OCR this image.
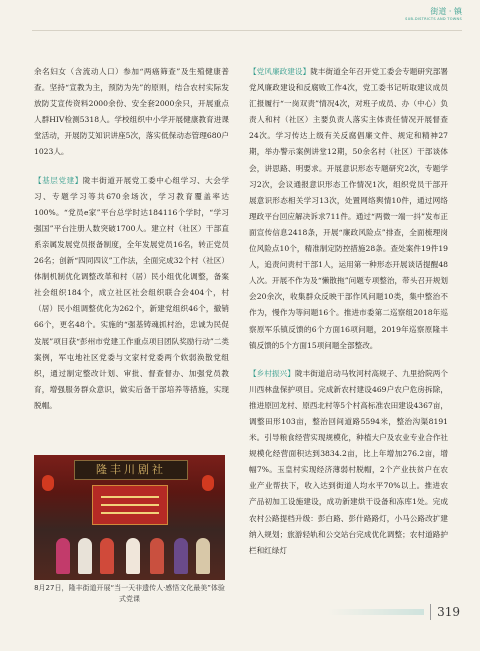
街道 · 镇
SUB-DISTRICTS AND TOWNS

余名妇女（含流动人口）参加“两癌筛查”及生殖健康普查。坚持“宣教为主，预防为先”的原则，结合农村实际发放防艾宣传资料2000余份、安全套2000余只，开展重点人群HIV检测5318人。学校组织中小学开展健康教育进课堂活动，开展防艾知识讲座5次，落实低保动态管理680户1023人。

【基层党建】陇丰街道开展党工委中心组学习、大会学习、专题学习等共670余场次，学习教育覆盖率达100%。“党员e家”平台总学时达184116个学时，“学习强国”平台注册人数突破1700人。建立村（社区）干部直系亲属发展党员报备制度，全年发展党员16名，转正党员26名；创新“四同四议”工作法，全面完成32个村（社区）体制机制优化调整改革和村（居）民小组优化调整，备案社会组织184个，成立社区社会组织联合会404个，村（居）民小组调整优化为262个，新建党组织46个，撤销66个，更名48个。实施的“强基铸魂抓村治，忠诚为民促发展”项目获“彭州市党建工作重点项目团队奖励行动”二类案例，军屯地社区党委与文家村党委两个软弱涣散党组织，通过制定整改计划、审批、督查督办、加强党员教育，增强服务群众意识，做实后备干部培养等措施，实现脱帽。

隆丰川剧社
8月27日，隆丰街道开展“当一天非遗传人·感悟文化最美”体验式党课

【党风廉政建设】陇丰街道全年召开党工委会专题研究部署党风廉政建设和反腐败工作4次，党工委书记听取建议成员汇报履行“一岗双责”情况4次，对班子成员、办（中心）负责人和村（社区）主要负责人落实主体责任情况开展督查24次。学习传达上级有关反腐倡廉文件、规定和精神27期，举办警示案例讲堂12期，50余名村（社区）干部谈体会，讲思路、明要求。开展意识形态专题研究2次，专题学习2次，会议通报意识形态工作情况1次，组织党员干部开展意识形态相关学习13次，处置网络舆情10件，通过网络理政平台回应解决诉求711件。通过“两微一端一抖”发布正面宣传信息2418条，开展“廉政风险点”排查，全面梳理岗位风险点10个，精准制定防控措施28条。查处案件19件19人，追责问责村干部1人，运用第一种形态开展谈话提醒48人次。开展不作为及“懒散拖”问题专项整治，带头召开规划会20余次，收集群众反映干部作风问题10类，集中整治不作为，慢作为等问题16个。推进市委第二巡察组2018年巡察原军乐镇反馈的6个方面16项问题，2019年巡察原隆丰镇反馈的5个方面15项问题全部整改。

【乡村振兴】陇丰街道启动马牧河村高规子、九里拾院两个川西林盘保护项目。完成新农村建设469户农户危房拆除，推进原回龙村、原西北村等5个村高标准农田建设4367亩，调整田形103亩，整治回间道路5594米，整治沟渠8191米。引导粮食经营实现规模化，种植大户及农业专业合作社规模化经营面积达到3834.2亩，比上年增加276.2亩，增幅7%。玉皇村实现经济薄弱村脱帽，2个产业扶贫户在农业产业帮扶下，收入达到街道人均水平70%以上。推进农产品初加工设施建设，成功新建烘干设备和冻库1处。完成农村公路提档升级：彭白路、彭什路路灯，小马公路改扩建纳入规划；旅游轻轨和公交站台完成优化调整；农村道路护栏和红绿灯

319
